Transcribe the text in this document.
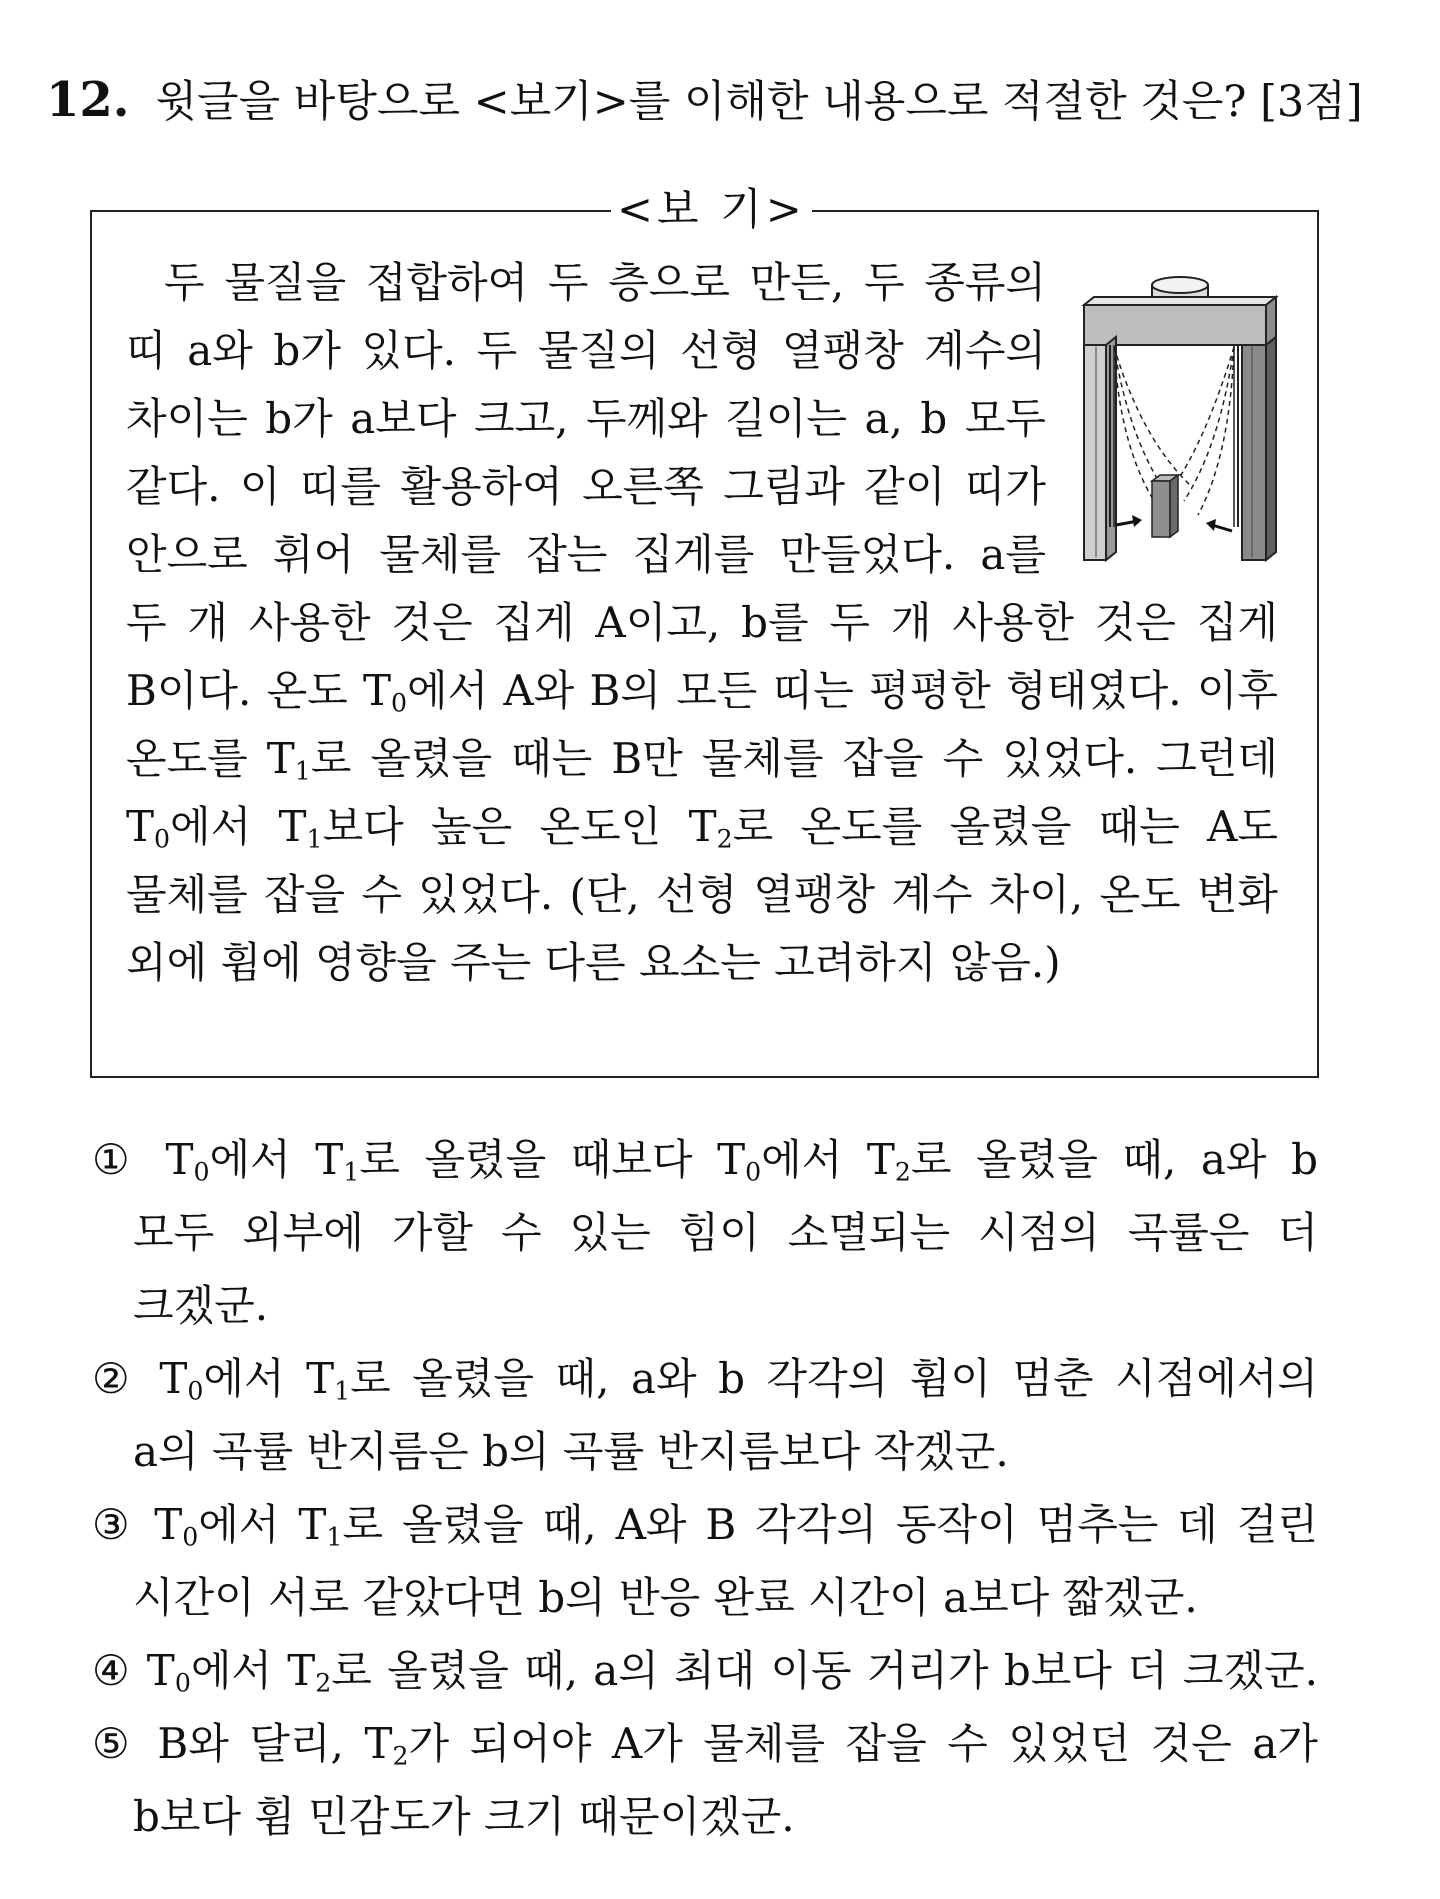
12. 윗글을 바탕으로 <보기>를 이해한 내용으로 적절한 것은? [3점]
<보 기>
두 물질을 접합하여 두 층으로 만든, 두 종류의
띠 a와 b가 있다. 두 물질의 선형 열팽창 계수의
차이는 b가 a보다 크고, 두께와 길이는 a, b 모두
같다. 이 띠를 활용하여 오른쪽 그림과 같이 띠가
안으로 휘어 물체를 잡는 집게를 만들었다. a를
두 개 사용한 것은 집게 A이고, b를 두 개 사용한 것은 집게
B이다. 온도 $T_0$에서 A와 B의 모든 띠는 평평한 형태였다. 이후
온도를 $T_1$로 올렸을 때는 B만 물체를 잡을 수 있었다. 그런데
$T_0$에서 $T_1$보다 높은 온도인 $T_2$로 온도를 올렸을 때는 A도
물체를 잡을 수 있었다. (단, 선형 열팽창 계수 차이, 온도 변화
외에 휨에 영향을 주는 다른 요소는 고려하지 않음.)
① $T_0$에서 $T_1$로 올렸을 때보다 $T_0$에서 $T_2$로 올렸을 때, a와 b
모두 외부에 가할 수 있는 힘이 소멸되는 시점의 곡률은 더
크겠군.
② $T_0$에서 $T_1$로 올렸을 때, a와 b 각각의 휨이 멈춘 시점에서의
a의 곡률 반지름은 b의 곡률 반지름보다 작겠군.
③ $T_0$에서 $T_1$로 올렸을 때, A와 B 각각의 동작이 멈추는 데 걸린
시간이 서로 같았다면 b의 반응 완료 시간이 a보다 짧겠군.
④ $T_0$에서 $T_2$로 올렸을 때, a의 최대 이동 거리가 b보다 더 크겠군.
⑤ B와 달리, $T_2$가 되어야 A가 물체를 잡을 수 있었던 것은 a가
b보다 휨 민감도가 크기 때문이겠군.
